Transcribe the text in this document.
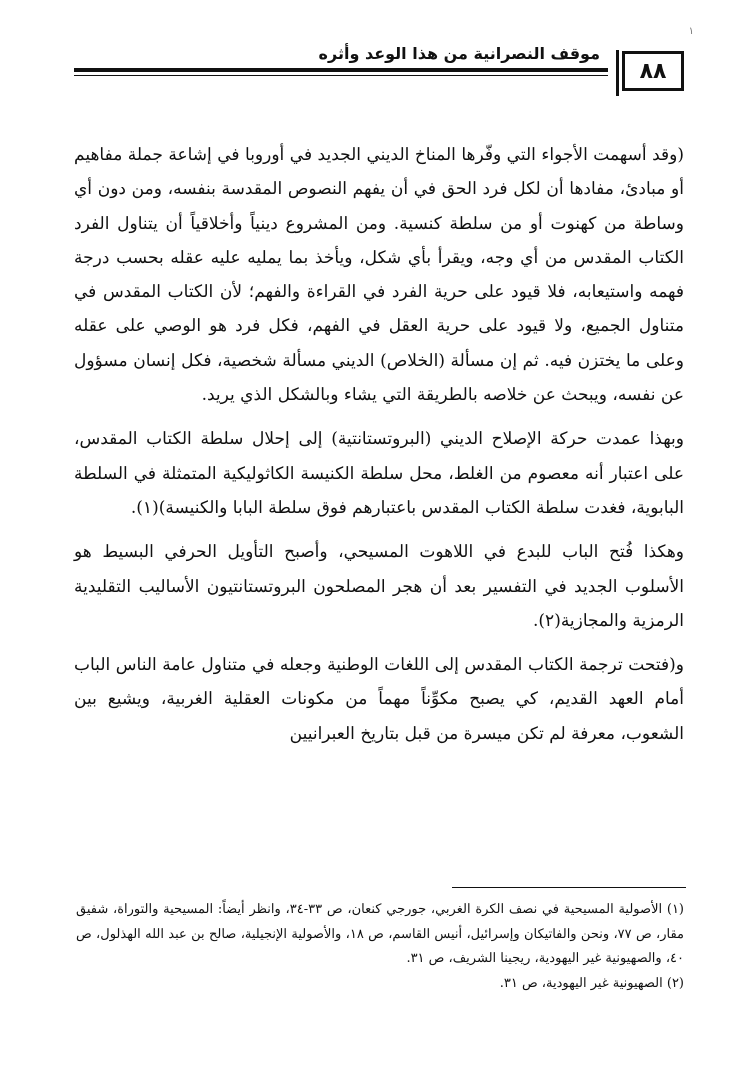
١
موقف النصرانية من هذا الوعد وأثره
٨٨

(وقد أسهمت الأجواء التي وفّرها المناخ الديني الجديد في أوروبا في إشاعة جملة مفاهيم أو مبادئ، مفادها أن لكل فرد الحق في أن يفهم النصوص المقدسة بنفسه، ومن دون أي وساطة من كهنوت أو من سلطة كنسية. ومن المشروع دينياً وأخلاقياً أن يتناول الفرد الكتاب المقدس من أي وجه، ويقرأ بأي شكل، ويأخذ بما يمليه عليه عقله بحسب درجة فهمه واستيعابه، فلا قيود على حرية الفرد في القراءة والفهم؛ لأن الكتاب المقدس في متناول الجميع، ولا قيود على حرية العقل في الفهم، فكل فرد هو الوصي على عقله وعلى ما يختزن فيه. ثم إن مسألة (الخلاص) الديني مسألة شخصية، فكل إنسان مسؤول عن نفسه، ويبحث عن خلاصه بالطريقة التي يشاء وبالشكل الذي يريد.

وبهذا عمدت حركة الإصلاح الديني (البروتستانتية) إلى إحلال سلطة الكتاب المقدس، على اعتبار أنه معصوم من الغلط، محل سلطة الكنيسة الكاثوليكية المتمثلة في السلطة البابوية، فغدت سلطة الكتاب المقدس باعتبارهم فوق سلطة البابا والكنيسة)(١).

وهكذا فُتح الباب للبدع في اللاهوت المسيحي، وأصبح التأويل الحرفي البسيط هو الأسلوب الجديد في التفسير بعد أن هجر المصلحون البروتستانتيون الأساليب التقليدية الرمزية والمجازية(٢).

و(فتحت ترجمة الكتاب المقدس إلى اللغات الوطنية وجعله في متناول عامة الناس الباب أمام العهد القديم، كي يصبح مكوِّناً مهماً من مكونات العقلية الغربية، ويشيع بين الشعوب، معرفة لم تكن ميسرة من قبل بتاريخ العبرانيين

(١) الأصولية المسيحية في نصف الكرة الغربي، جورجي كنعان، ص ٣٣-٣٤، وانظر أيضاً: المسيحية والتوراة، شفيق مقار، ص ٧٧، ونحن والفاتيكان وإسرائيل، أنيس القاسم، ص ١٨، والأصولية الإنجيلية، صالح بن عبد الله الهذلول، ص ٤٠، والصهيونية غير اليهودية، ريجينا الشريف، ص ٣١.

(٢) الصهيونية غير اليهودية، ص ٣١.
